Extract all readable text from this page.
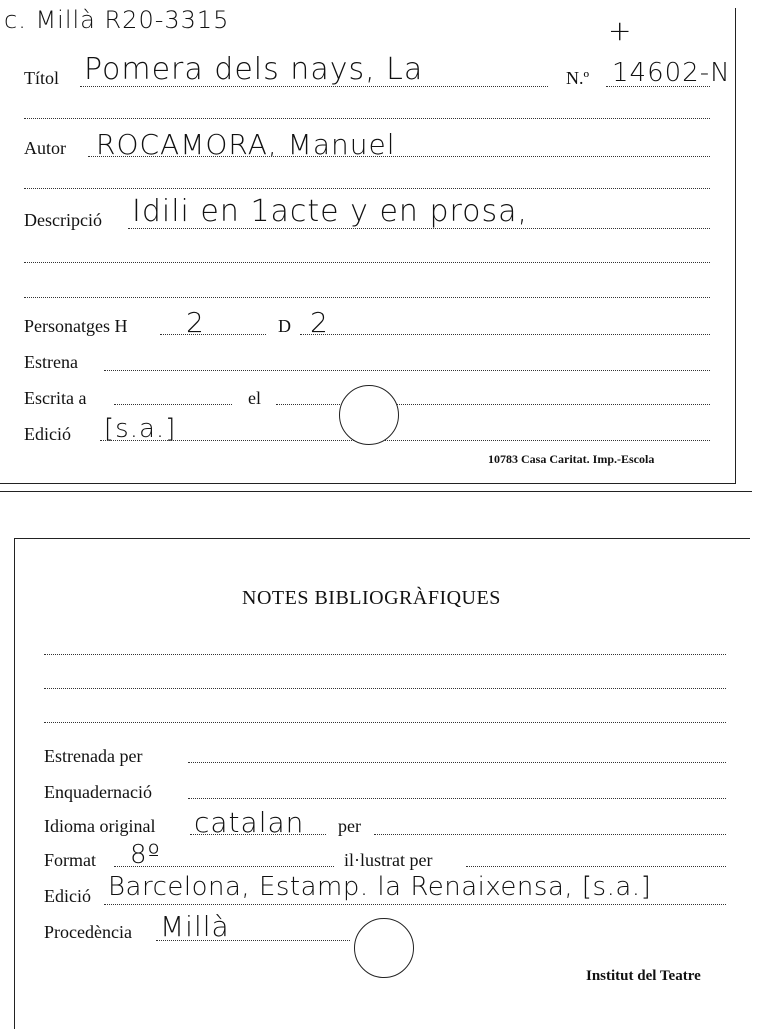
c. Millà R20-3315	+
Títol Pomera dels nays, La	N.º 14602-N
Autor ROCAMORA, Manuel
Descripció Idili en 1acte y en prosa,
Personatges H 2	D 2
Estrena
Escrita a	el
Edició [s.a.]
10783 Casa Caritat. Imp.-Escola
NOTES BIBLIOGRÀFIQUES
Estrenada per
Enquadernació
Idioma original catalan per
Format 8º	il·lustrat per
Edició Barcelona, Estamp. la Renaixensa, [s.a.]
Procedència Millà
Institut del Teatre
